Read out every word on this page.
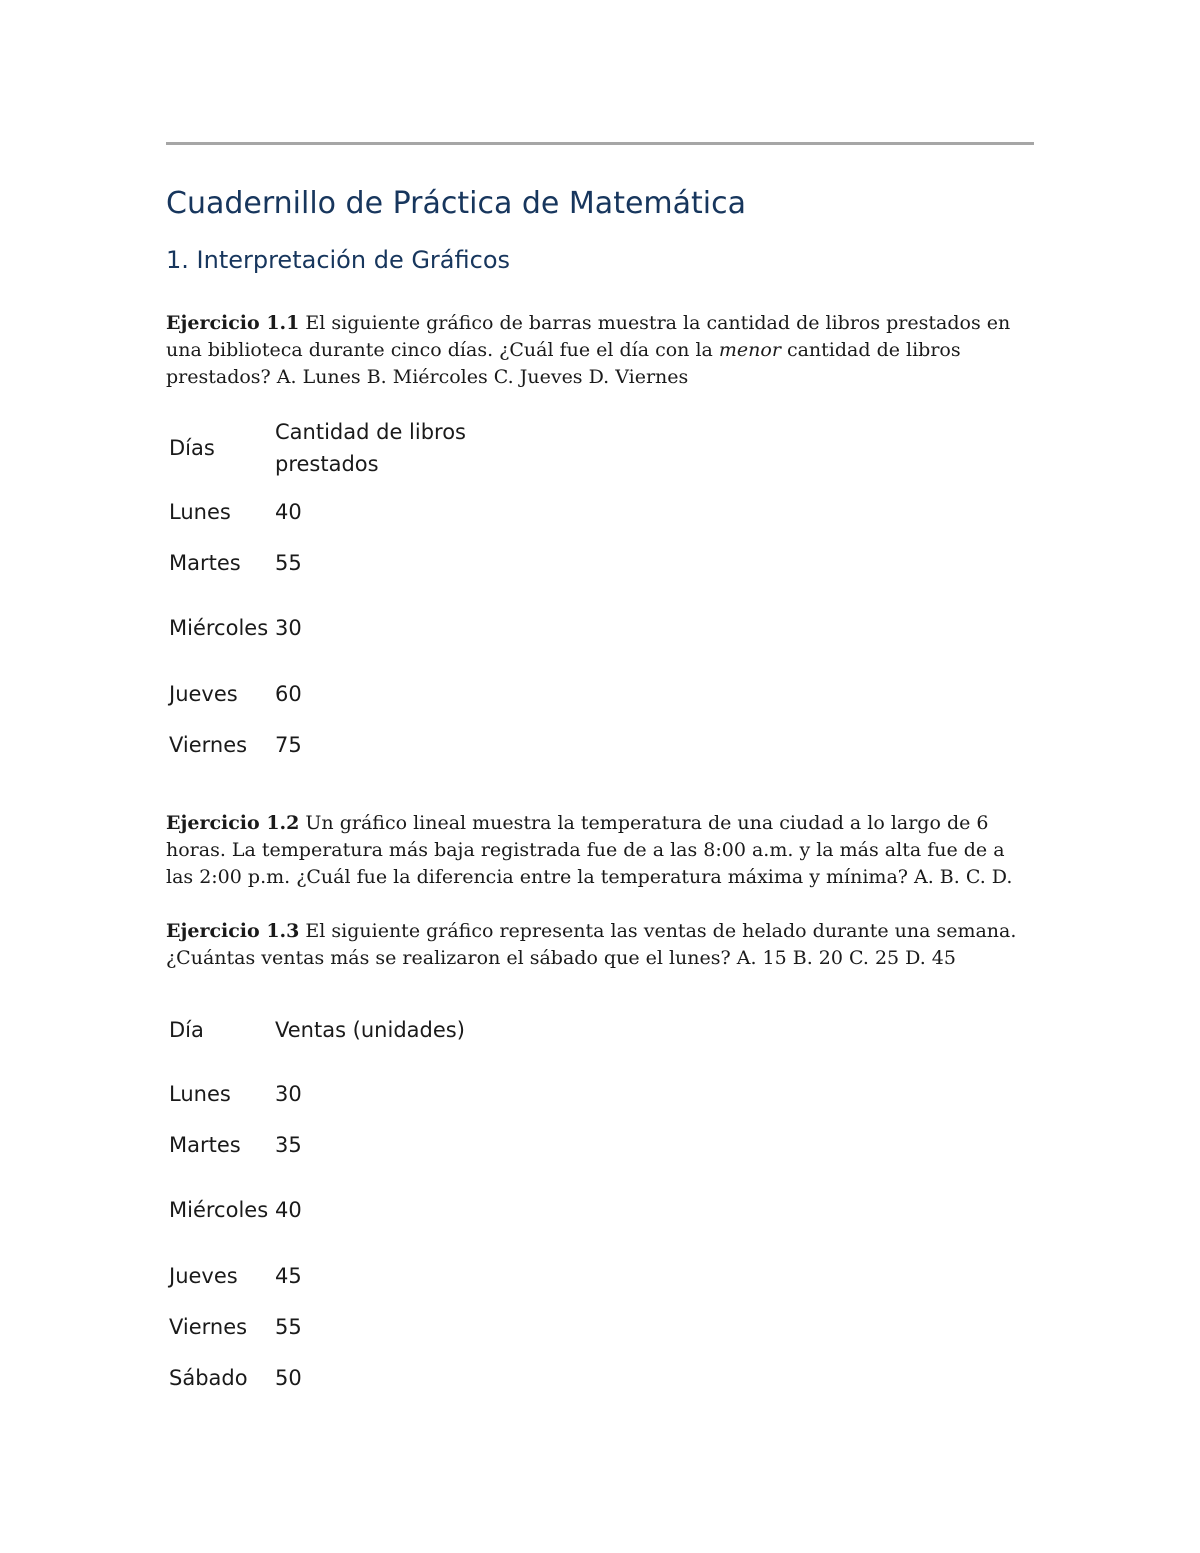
Cuadernillo de Práctica de Matemática
1. Interpretación de Gráficos

Ejercicio 1.1 El siguiente gráfico de barras muestra la cantidad de libros prestados en una biblioteca durante cinco días. ¿Cuál fue el día con la menor cantidad de libros prestados? A. Lunes B. Miércoles C. Jueves D. Viernes

Días	Cantidad de libros prestados
Lunes	40
Martes	55
Miércoles	30
Jueves	60
Viernes	75

Ejercicio 1.2 Un gráfico lineal muestra la temperatura de una ciudad a lo largo de 6 horas. La temperatura más baja registrada fue de a las 8:00 a.m. y la más alta fue de a las 2:00 p.m. ¿Cuál fue la diferencia entre la temperatura máxima y mínima? A. B. C. D.

Ejercicio 1.3 El siguiente gráfico representa las ventas de helado durante una semana. ¿Cuántas ventas más se realizaron el sábado que el lunes? A. 15 B. 20 C. 25 D. 45

Día	Ventas (unidades)
Lunes	30
Martes	35
Miércoles	40
Jueves	45
Viernes	55
Sábado	50
